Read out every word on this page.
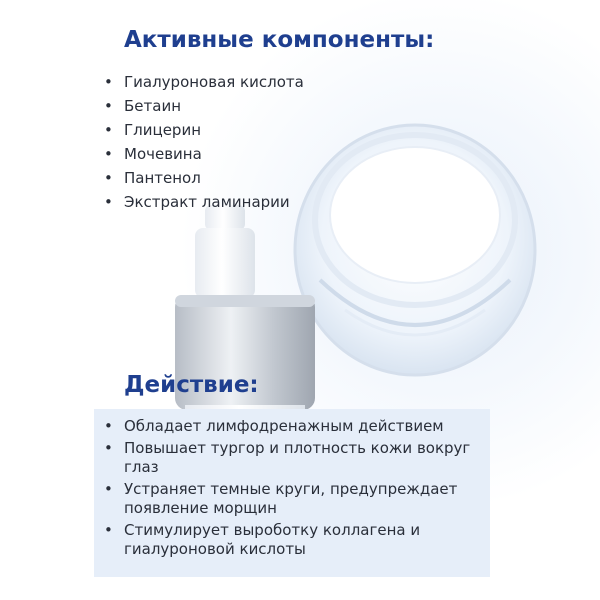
Активные компоненты:
• Гиалуроновая кислота
• Бетаин
• Глицерин
• Мочевина
• Пантенол
• Экстракт ламинарии
Действие:
• Обладает лимфодренажным действием
• Повышает тургор и плотность кожи вокруг глаз
• Устраняет темные круги, предупреждает появление морщин
• Стимулирует выроботку коллагена и гиалуроновой кислоты
